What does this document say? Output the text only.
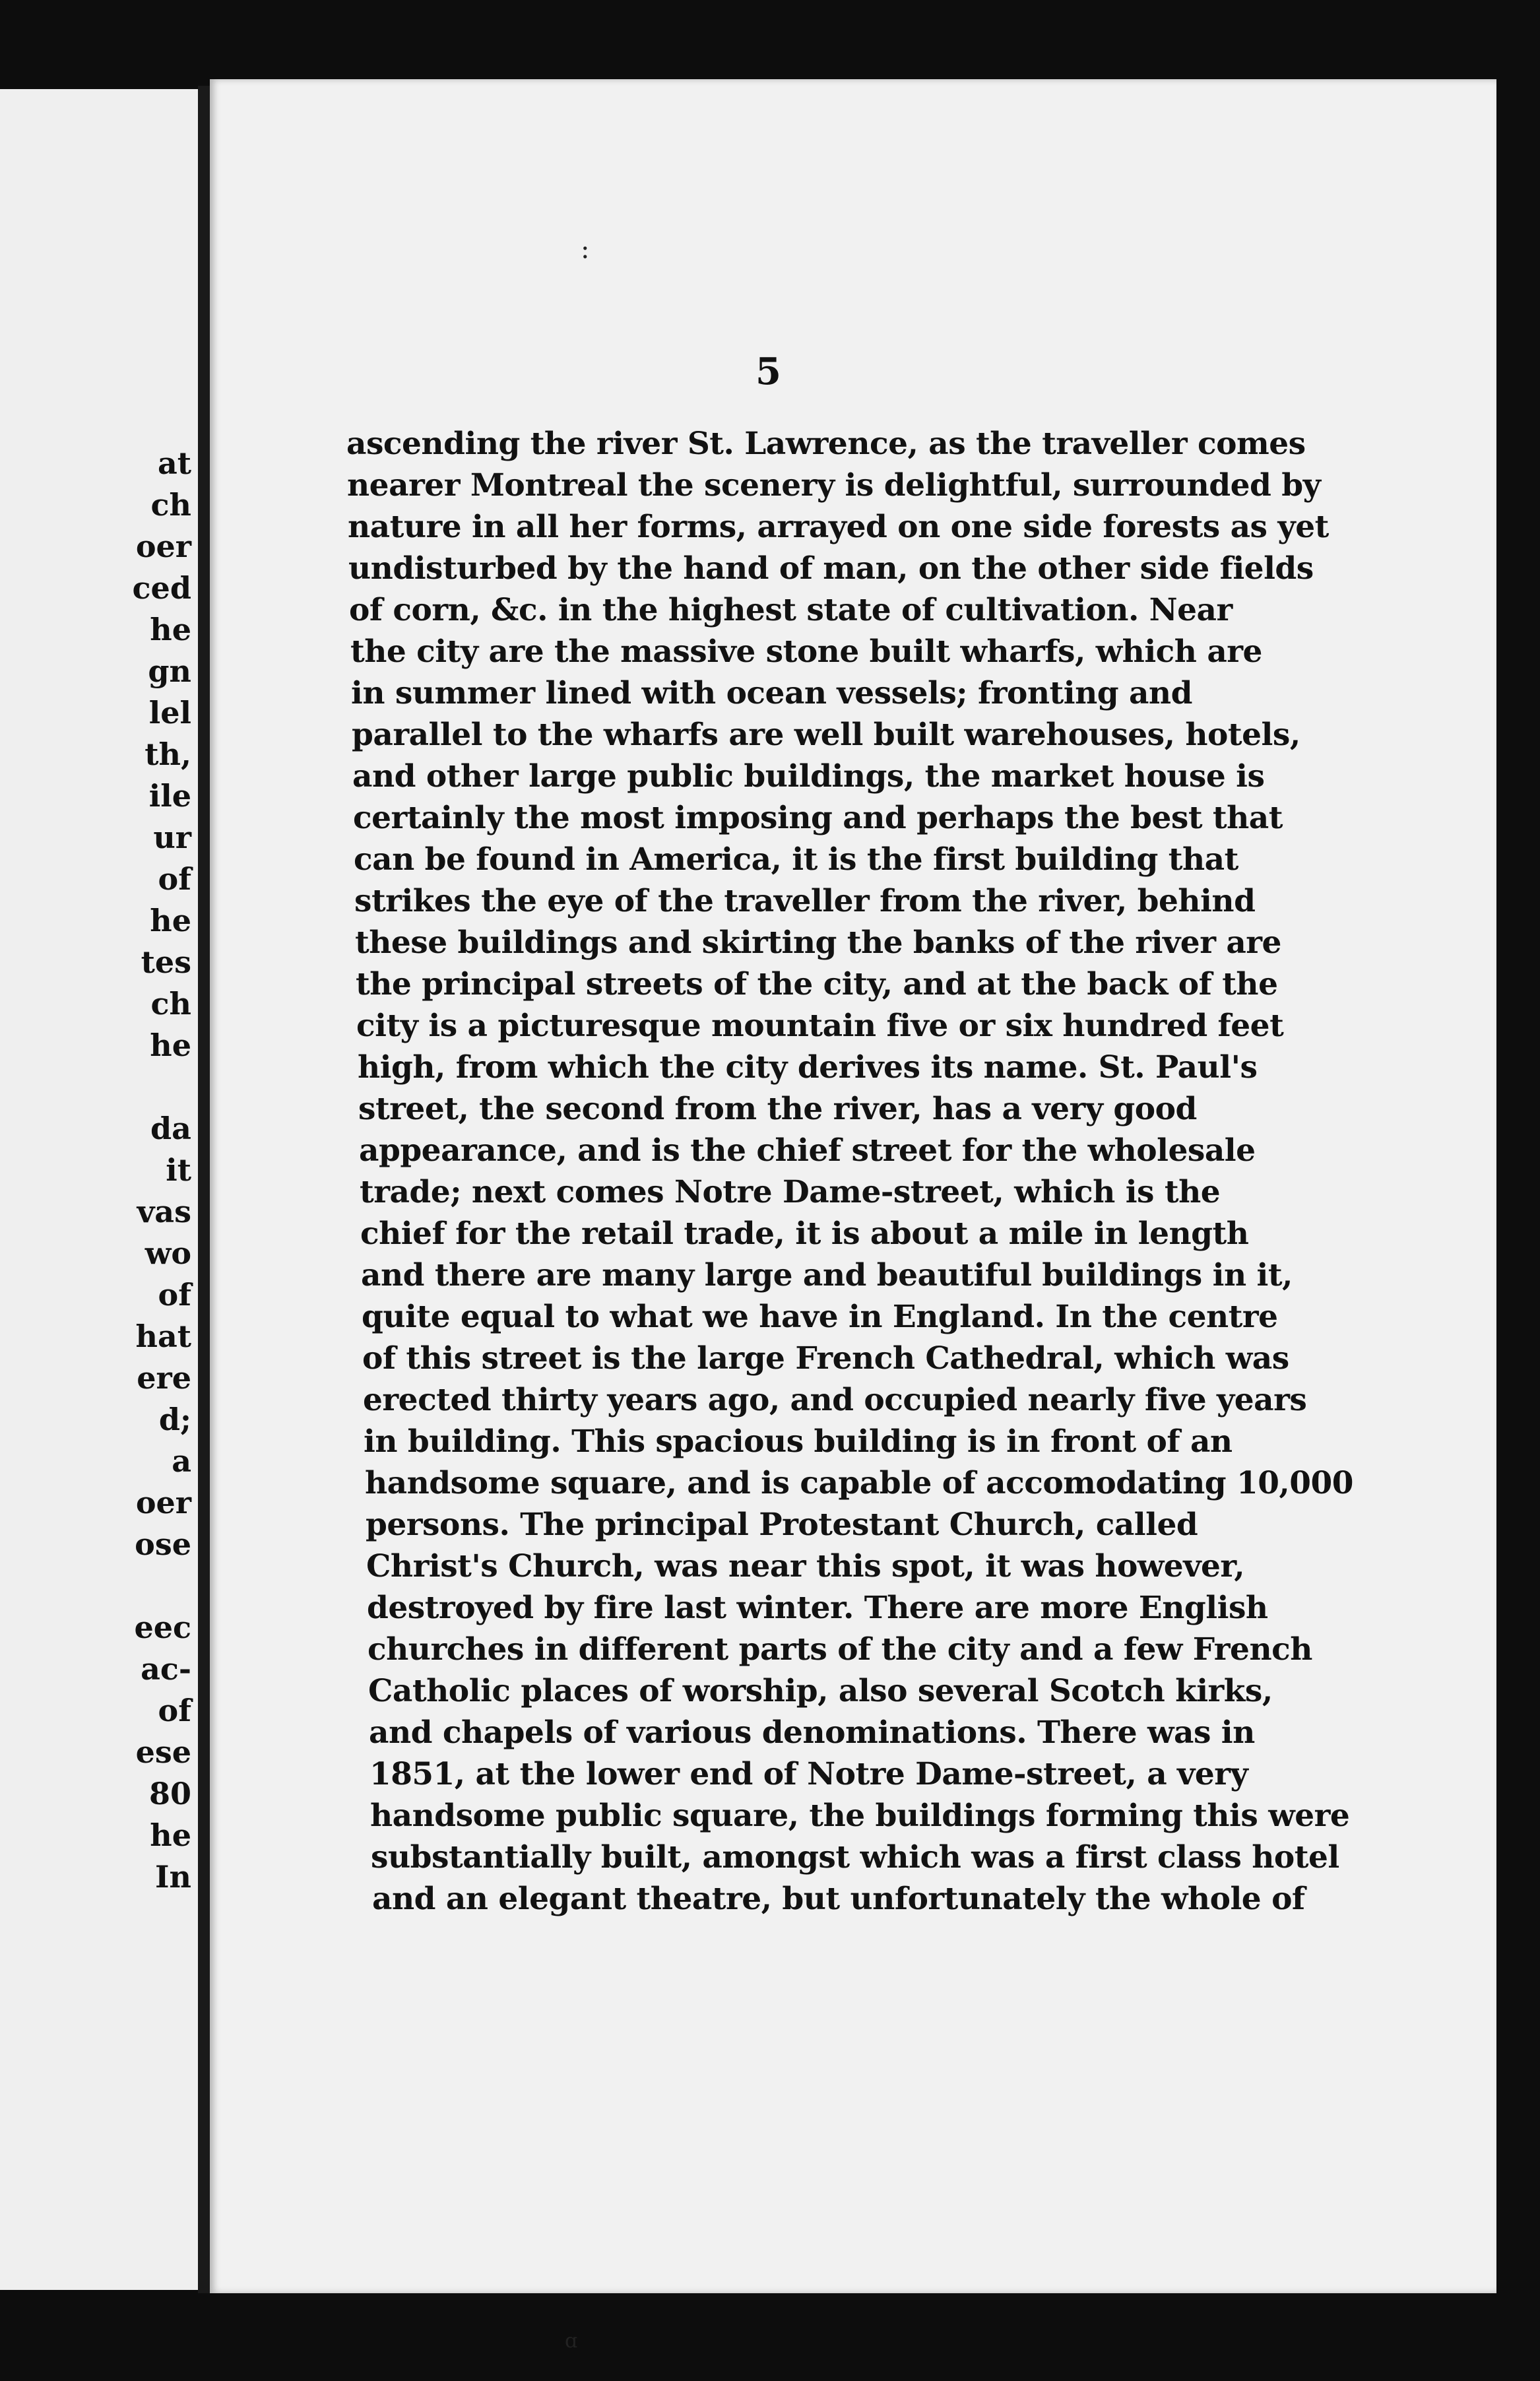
at
ch
oer
ced
he
gn
lel
th,
ile
ur
of
he
tes
ch
he
da
it
vas
wo
of
hat
ere
d;
a
oer
ose
eec
ac-
of
ese
80
he
In
:
5
ascending the river St. Lawrence, as the traveller comes
nearer Montreal the scenery is delightful, surrounded by
nature in all her forms, arrayed on one side forests as yet
undisturbed by the hand of man, on the other side fields
of corn, &c. in the highest state of cultivation. Near
the city are the massive stone built wharfs, which are
in summer lined with ocean vessels; fronting and
parallel to the wharfs are well built warehouses, hotels,
and other large public buildings, the market house is
certainly the most imposing and perhaps the best that
can be found in America, it is the first building that
strikes the eye of the traveller from the river, behind
these buildings and skirting the banks of the river are
the principal streets of the city, and at the back of the
city is a picturesque mountain five or six hundred feet
high, from which the city derives its name. St. Paul's
street, the second from the river, has a very good
appearance, and is the chief street for the wholesale
trade; next comes Notre Dame-street, which is the
chief for the retail trade, it is about a mile in length
and there are many large and beautiful buildings in it,
quite equal to what we have in England. In the centre
of this street is the large French Cathedral, which was
erected thirty years ago, and occupied nearly five years
in building. This spacious building is in front of an
handsome square, and is capable of accomodating 10,000
persons. The principal Protestant Church, called
Christ's Church, was near this spot, it was however,
destroyed by fire last winter. There are more English
churches in different parts of the city and a few French
Catholic places of worship, also several Scotch kirks,
and chapels of various denominations. There was in
1851, at the lower end of Notre Dame-street, a very
handsome public square, the buildings forming this were
substantially built, amongst which was a first class hotel
and an elegant theatre, but unfortunately the whole of
ɑ
